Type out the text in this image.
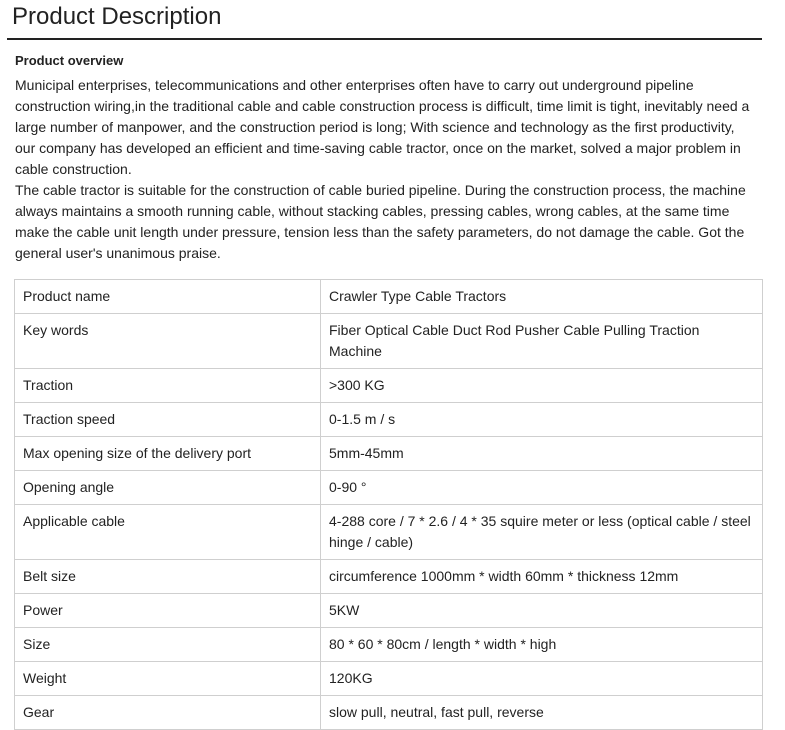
Product Description
Product overview

Municipal enterprises, telecommunications and other enterprises often have to carry out underground pipeline construction wiring,in the traditional cable and cable construction process is difficult, time limit is tight, inevitably need a large number of manpower, and the construction period is long; With science and technology as the first productivity, our company has developed an efficient and time-saving cable tractor, once on the market, solved a major problem in cable construction.

The cable tractor is suitable for the construction of cable buried pipeline. During the construction process, the machine always maintains a smooth running cable, without stacking cables, pressing cables, wrong cables, at the same time make the cable unit length under pressure, tension less than the safety parameters, do not damage the cable. Got the general user's unanimous praise.

Product name	Crawler Type Cable Tractors
Key words	Fiber Optical Cable Duct Rod Pusher Cable Pulling Traction Machine
Traction	>300 KG
Traction speed	0-1.5 m / s
Max opening size of the delivery port	5mm-45mm
Opening angle	0-90 °
Applicable cable	4-288 core / 7 * 2.6 / 4 * 35 squire meter or less (optical cable / steel hinge / cable)
Belt size	circumference 1000mm * width 60mm * thickness 12mm
Power	5KW
Size	80 * 60 * 80cm / length * width * high
Weight	120KG
Gear	slow pull, neutral, fast pull, reverse
